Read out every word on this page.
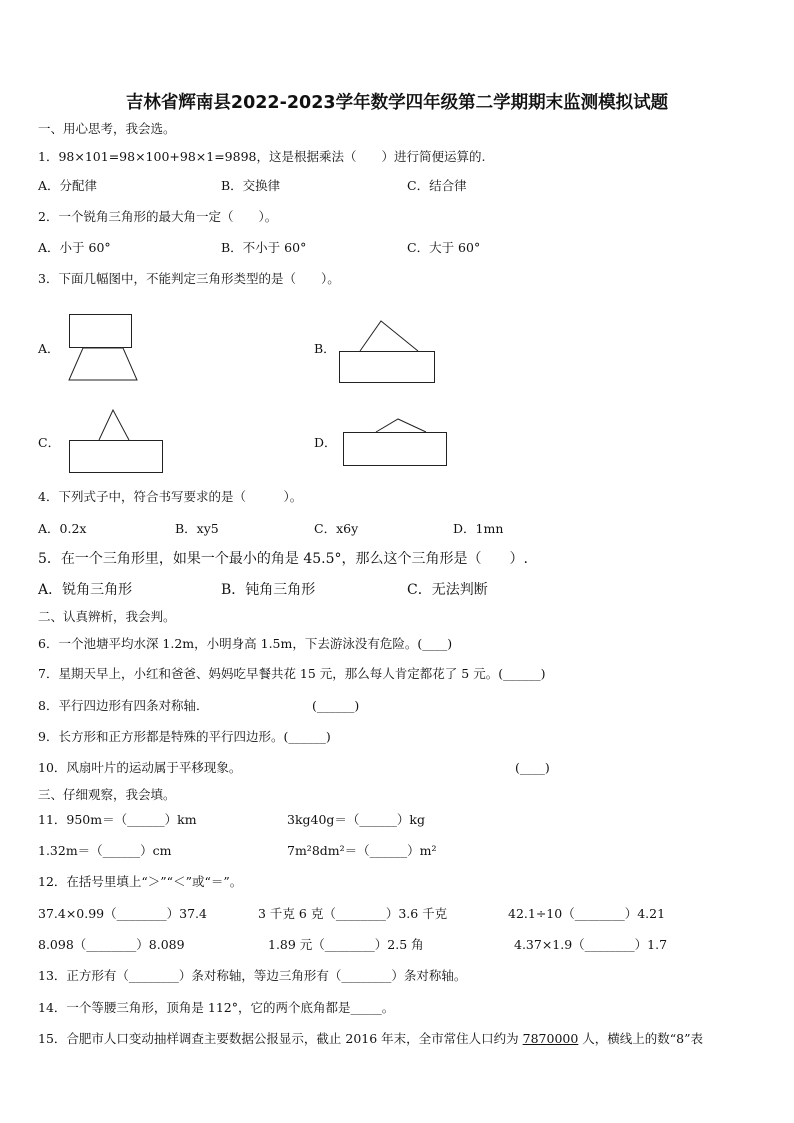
吉林省辉南县2022-2023学年数学四年级第二学期期末监测模拟试题
一、用心思考，我会选。
1．98×101=98×100+98×1=9898，这是根据乘法（　　）进行简便运算的.
A．分配律	B．交换律	C．结合律
2．一个锐角三角形的最大角一定（　　）。
A．小于 60°	B．不小于 60°	C．大于 60°
3．下面几幅图中，不能判定三角形类型的是（　　）。
A．	B．
C．	D．
4．下列式子中，符合书写要求的是（　　　）。
A．0.2x	B．xy5	C．x6y	D．1mn
5．在一个三角形里，如果一个最小的角是 45.5°，那么这个三角形是（　　）.
A．锐角三角形	B．钝角三角形	C．无法判断
二、认真辨析，我会判。
6．一个池塘平均水深 1.2m，小明身高 1.5m，下去游泳没有危险。(____)
7．星期天早上，小红和爸爸、妈妈吃早餐共花 15 元，那么每人肯定都花了 5 元。(______)
8．平行四边形有四条对称轴．	(______)
9．长方形和正方形都是特殊的平行四边形。(______)
10．风扇叶片的运动属于平移现象。	(____)
三、仔细观察，我会填。
11．950m＝（______）km	3kg40g＝（______）kg
1.32m＝（______）cm	7m²8dm²＝（______）m²
12．在括号里填上“＞”“＜”或“＝”。
37.4×0.99（________）37.4	3 千克 6 克（________）3.6 千克	42.1÷10（________）4.21
8.098（________）8.089	1.89 元（________）2.5 角	4.37×1.9（________）1.7
13．正方形有（________）条对称轴，等边三角形有（________）条对称轴。
14．一个等腰三角形，顶角是 112°，它的两个底角都是_____。
15．合肥市人口变动抽样调查主要数据公报显示，截止 2016 年末，全市常住人口约为 7870000 人，横线上的数“8”表
